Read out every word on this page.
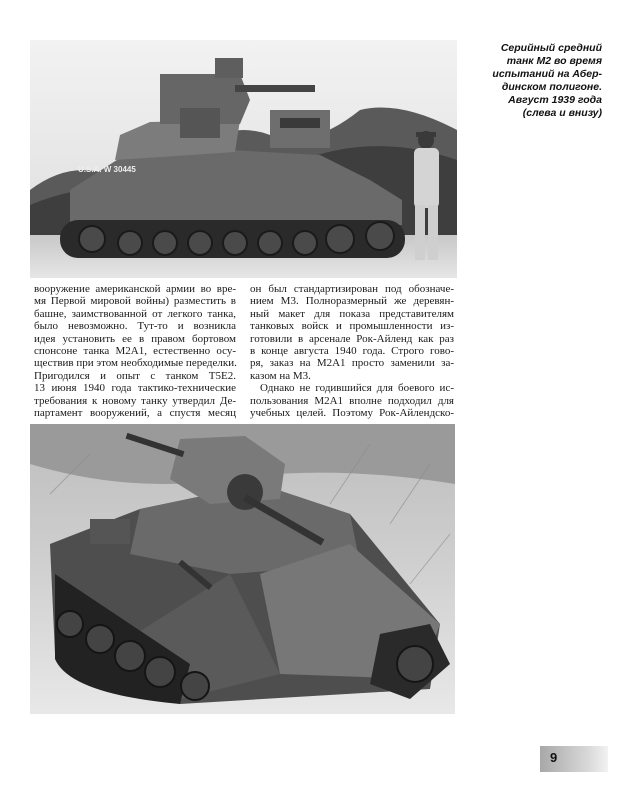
U.S.A. W 30445
Серийный средний
танк М2 во время
испытаний на Абер-
динском полигоне.
Август 1939 года
(слева и внизу)
вооружение американской армии во вре-
мя Первой мировой войны) разместить в
башне, заимствованной от легкого танка,
было невозможно. Тут-то и возникла
идея установить ее в правом бортовом
спонсоне танка М2А1, естественно осу-
ществив при этом необходимые переделки.
Пригодился и опыт с танком Т5Е2.
13 июня 1940 года тактико-технические
требования к новому танку утвердил Де-
партамент вооружений, а спустя месяц
он был стандартизирован под обозначе-
нием М3. Полноразмерный же деревян-
ный макет для показа представителям
танковых войск и промышленности из-
готовили в арсенале Рок-Айленд как раз
в конце августа 1940 года. Строго гово-
ря, заказ на М2А1 просто заменили за-
казом на М3.
Однако не годившийся для боевого ис-
пользования М2А1 вполне подходил для
учебных целей. Поэтому Рок-Айлендско-
9
